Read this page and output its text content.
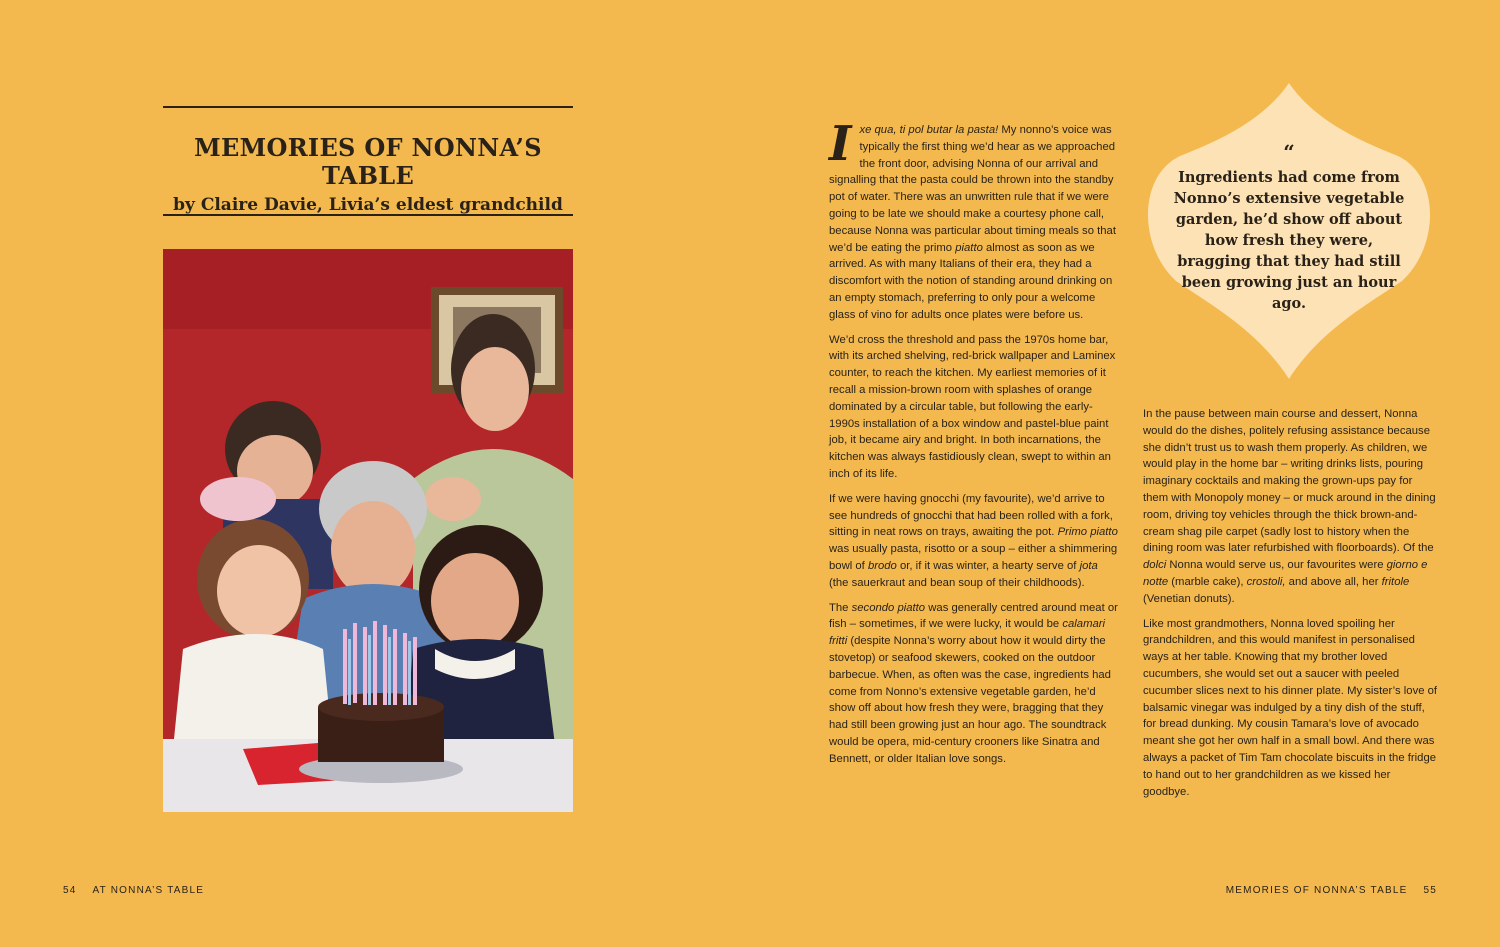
MEMORIES OF NONNA’S TABLE
by Claire Davie, Livia’s eldest grandchild
54 AT NONNA’S TABLE

Ixe qua, ti pol butar la pasta! My nonno’s voice was typically the first thing we’d hear as we approached the front door, advising Nonna of our arrival and signalling that the pasta could be thrown into the standby pot of water. There was an unwritten rule that if we were going to be late we should make a courtesy phone call, because Nonna was particular about timing meals so that we’d be eating the primo piatto almost as soon as we arrived. As with many Italians of their era, they had a discomfort with the notion of standing around drinking on an empty stomach, preferring to only pour a welcome glass of vino for adults once plates were before us.

We’d cross the threshold and pass the 1970s home bar, with its arched shelving, red-brick wallpaper and Laminex counter, to reach the kitchen. My earliest memories of it recall a mission-brown room with splashes of orange dominated by a circular table, but following the early-1990s installation of a box window and pastel-blue paint job, it became airy and bright. In both incarnations, the kitchen was always fastidiously clean, swept to within an inch of its life.

If we were having gnocchi (my favourite), we’d arrive to see hundreds of gnocchi that had been rolled with a fork, sitting in neat rows on trays, awaiting the pot. Primo piatto was usually pasta, risotto or a soup – either a shimmering bowl of brodo or, if it was winter, a hearty serve of jota (the sauerkraut and bean soup of their childhoods).

The secondo piatto was generally centred around meat or fish – sometimes, if we were lucky, it would be calamari fritti (despite Nonna’s worry about how it would dirty the stovetop) or seafood skewers, cooked on the outdoor barbecue. When, as often was the case, ingredients had come from Nonno’s extensive vegetable garden, he’d show off about how fresh they were, bragging that they had still been growing just an hour ago. The soundtrack would be opera, mid-century crooners like Sinatra and Bennett, or older Italian love songs.

“
Ingredients had come from Nonno’s extensive vegetable garden, he’d show off about how fresh they were, bragging that they had still been growing just an hour ago.

In the pause between main course and dessert, Nonna would do the dishes, politely refusing assistance because she didn’t trust us to wash them properly. As children, we would play in the home bar – writing drinks lists, pouring imaginary cocktails and making the grown-ups pay for them with Monopoly money – or muck around in the dining room, driving toy vehicles through the thick brown-and-cream shag pile carpet (sadly lost to history when the dining room was later refurbished with floorboards). Of the dolci Nonna would serve us, our favourites were giorno e notte (marble cake), crostoli, and above all, her fritole (Venetian donuts).

Like most grandmothers, Nonna loved spoiling her grandchildren, and this would manifest in personalised ways at her table. Knowing that my brother loved cucumbers, she would set out a saucer with peeled cucumber slices next to his dinner plate. My sister’s love of balsamic vinegar was indulged by a tiny dish of the stuff, for bread dunking. My cousin Tamara’s love of avocado meant she got her own half in a small bowl. And there was always a packet of Tim Tam chocolate biscuits in the fridge to hand out to her grandchildren as we kissed her goodbye.

MEMORIES OF NONNA’S TABLE 55
